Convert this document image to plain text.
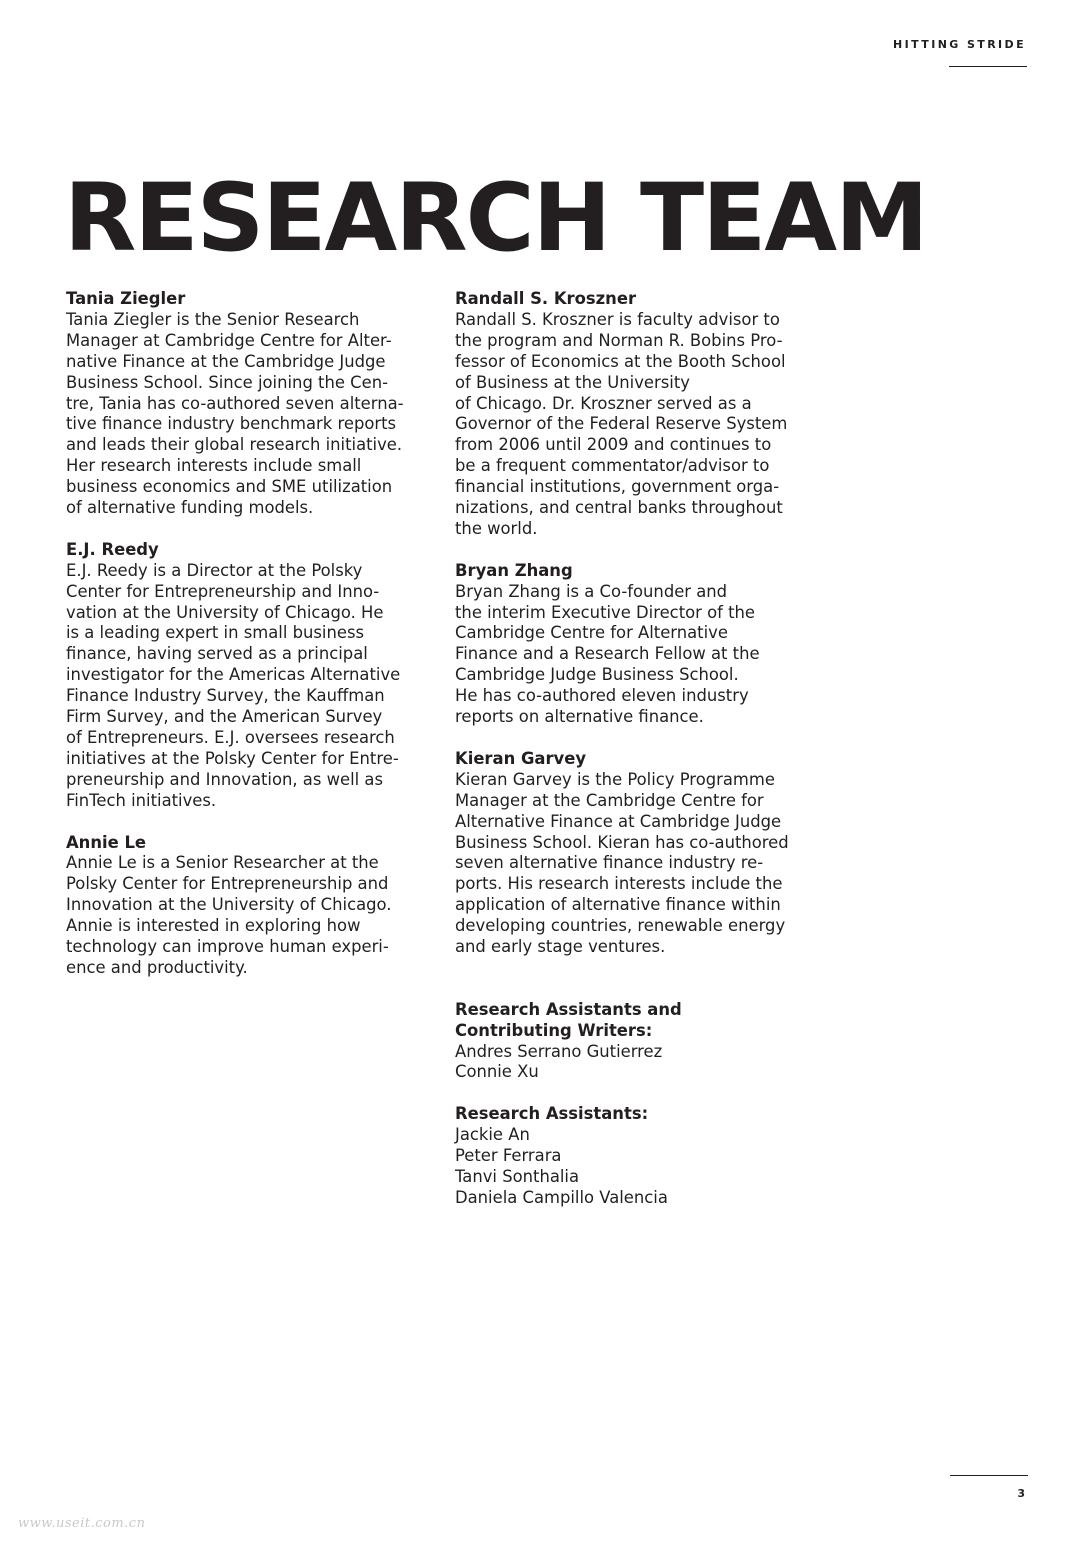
HITTING STRIDE
RESEARCH TEAM
Tania Ziegler
Tania Ziegler is the Senior Research
Manager at Cambridge Centre for Alter-
native Finance at the Cambridge Judge
Business School. Since joining the Cen-
tre, Tania has co-authored seven alterna-
tive finance industry benchmark reports
and leads their global research initiative.
Her research interests include small
business economics and SME utilization
of alternative funding models.
E.J. Reedy
E.J. Reedy is a Director at the Polsky
Center for Entrepreneurship and Inno-
vation at the University of Chicago. He
is a leading expert in small business
finance, having served as a principal
investigator for the Americas Alternative
Finance Industry Survey, the Kauffman
Firm Survey, and the American Survey
of Entrepreneurs. E.J. oversees research
initiatives at the Polsky Center for Entre-
preneurship and Innovation, as well as
FinTech initiatives.
Annie Le
Annie Le is a Senior Researcher at the
Polsky Center for Entrepreneurship and
Innovation at the University of Chicago.
Annie is interested in exploring how
technology can improve human experi-
ence and productivity.
Randall S. Kroszner
Randall S. Kroszner is faculty advisor to
the program and Norman R. Bobins Pro-
fessor of Economics at the Booth School
of Business at the University
of Chicago. Dr. Kroszner served as a
Governor of the Federal Reserve System
from 2006 until 2009 and continues to
be a frequent commentator/advisor to
financial institutions, government orga-
nizations, and central banks throughout
the world.
Bryan Zhang
Bryan Zhang is a Co-founder and
the interim Executive Director of the
Cambridge Centre for Alternative
Finance and a Research Fellow at the
Cambridge Judge Business School.
He has co-authored eleven industry
reports on alternative finance.
Kieran Garvey
Kieran Garvey is the Policy Programme
Manager at the Cambridge Centre for
Alternative Finance at Cambridge Judge
Business School. Kieran has co-authored
seven alternative finance industry re-
ports. His research interests include the
application of alternative finance within
developing countries, renewable energy
and early stage ventures.
Research Assistants and
Contributing Writers:
Andres Serrano Gutierrez
Connie Xu
Research Assistants:
Jackie An
Peter Ferrara
Tanvi Sonthalia
Daniela Campillo Valencia
3
www.useit.com.cn
